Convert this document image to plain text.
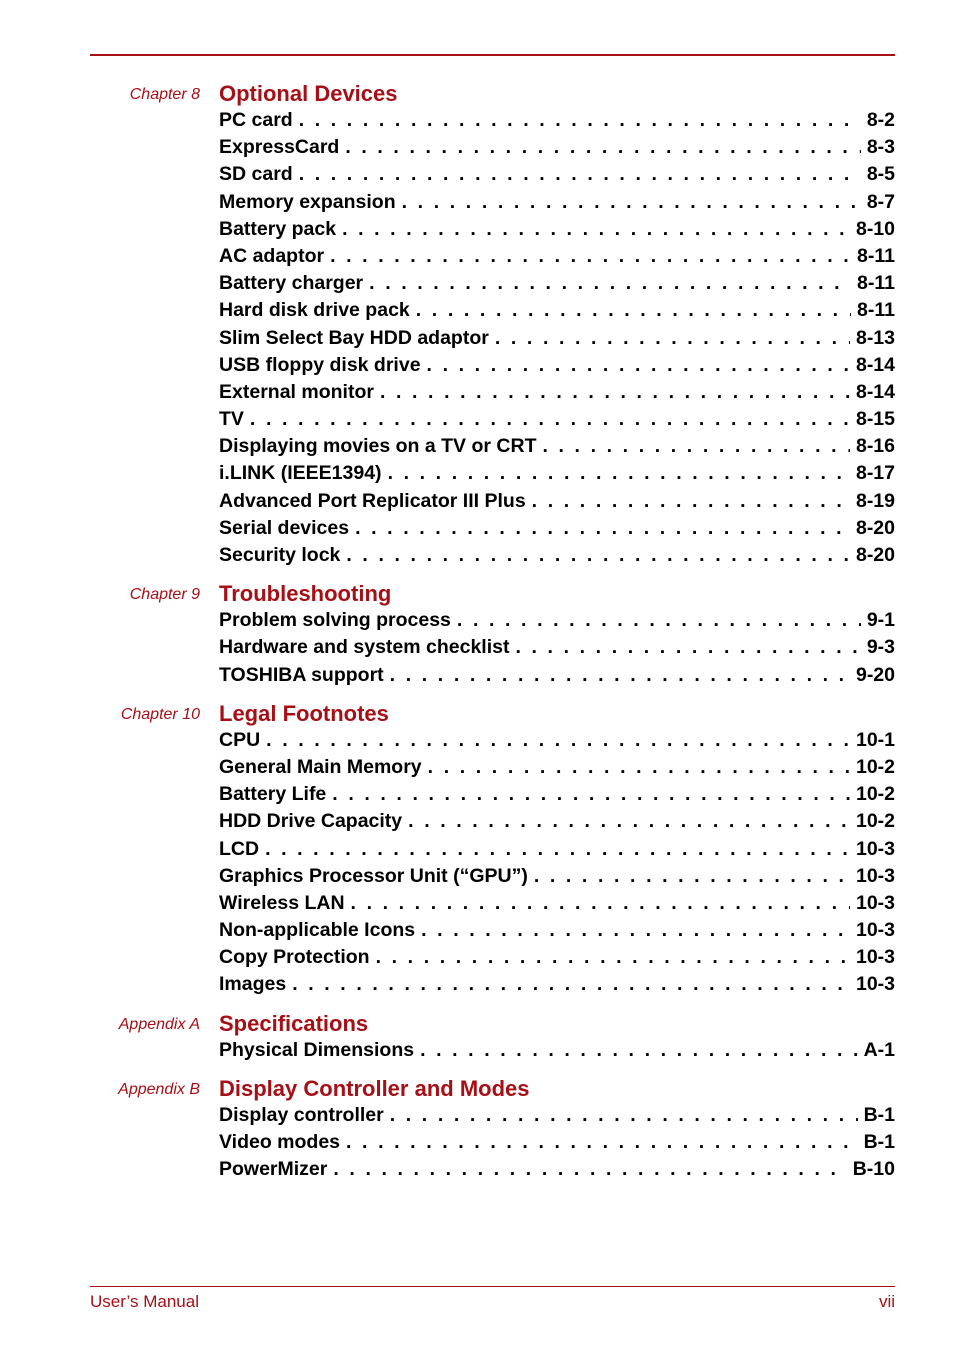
Chapter 8 Optional Devices
PC card . . .	8-2
ExpressCard . . .	8-3
SD card . . .	8-5
Memory expansion . . .	8-7
Battery pack . . .	8-10
AC adaptor . . .	8-11
Battery charger . . .	8-11
Hard disk drive pack . . .	8-11
Slim Select Bay HDD adaptor . . .	8-13
USB floppy disk drive . . .	8-14
External monitor . . .	8-14
TV . . .	8-15
Displaying movies on a TV or CRT . . .	8-16
i.LINK (IEEE1394) . . .	8-17
Advanced Port Replicator III Plus . . .	8-19
Serial devices . . .	8-20
Security lock . . .	8-20
Chapter 9 Troubleshooting
Problem solving process . . .	9-1
Hardware and system checklist . . .	9-3
TOSHIBA support . . .	9-20
Chapter 10 Legal Footnotes
CPU . . .	10-1
General Main Memory . . .	10-2
Battery Life . . .	10-2
HDD Drive Capacity . . .	10-2
LCD . . .	10-3
Graphics Processor Unit (“GPU”) . . .	10-3
Wireless LAN . . .	10-3
Non-applicable Icons . . .	10-3
Copy Protection . . .	10-3
Images . . .	10-3
Appendix A Specifications
Physical Dimensions . . .	A-1
Appendix B Display Controller and Modes
Display controller . . .	B-1
Video modes . . .	B-1
PowerMizer . . .	B-10
User’s Manual	vii
